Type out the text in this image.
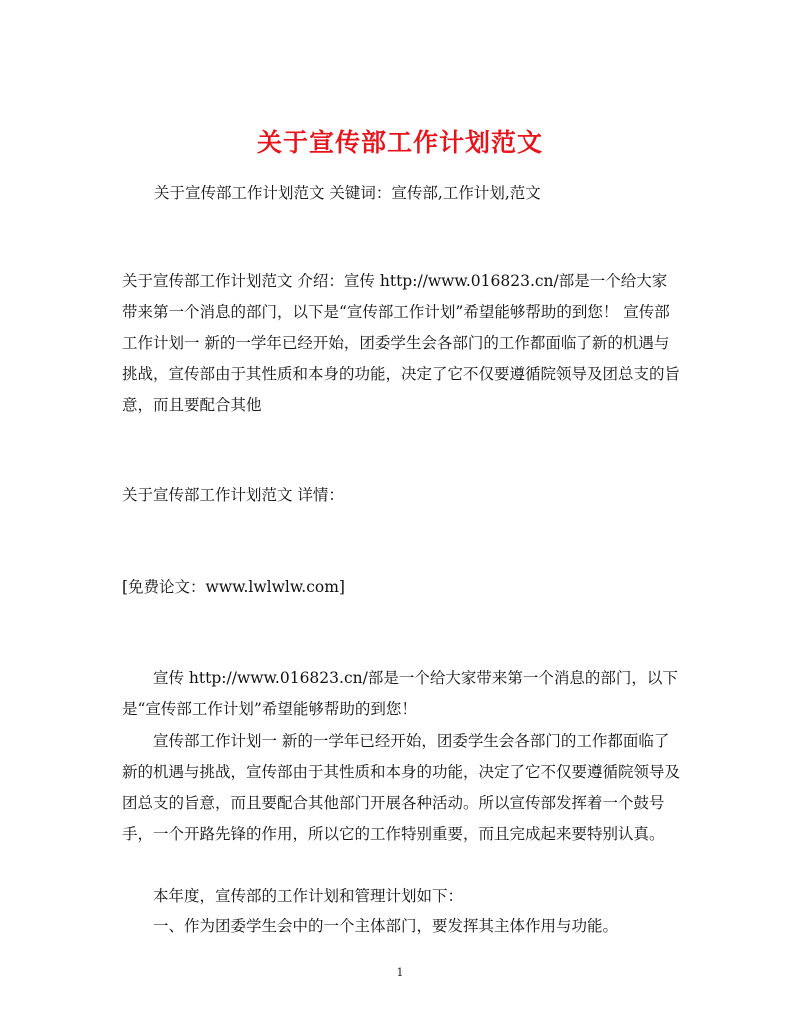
关于宣传部工作计划范文

关于宣传部工作计划范文 关键词：宣传部,工作计划,范文

关于宣传部工作计划范文 介绍：宣传 http://www.016823.cn/部是一个给大家带来第一个消息的部门，以下是“宣传部工作计划”希望能够帮助的到您！ 宣传部工作计划一 新的一学年已经开始，团委学生会各部门的工作都面临了新的机遇与挑战，宣传部由于其性质和本身的功能，决定了它不仅要遵循院领导及团总支的旨意，而且要配合其他

关于宣传部工作计划范文 详情：

[免费论文：www.lwlwlw.com]

宣传 http://www.016823.cn/部是一个给大家带来第一个消息的部门，以下是“宣传部工作计划”希望能够帮助的到您！

宣传部工作计划一 新的一学年已经开始，团委学生会各部门的工作都面临了新的机遇与挑战，宣传部由于其性质和本身的功能，决定了它不仅要遵循院领导及团总支的旨意，而且要配合其他部门开展各种活动。所以宣传部发挥着一个鼓号手，一个开路先锋的作用，所以它的工作特别重要，而且完成起来要特别认真。

本年度，宣传部的工作计划和管理计划如下：

一、作为团委学生会中的一个主体部门，要发挥其主体作用与功能。

1
